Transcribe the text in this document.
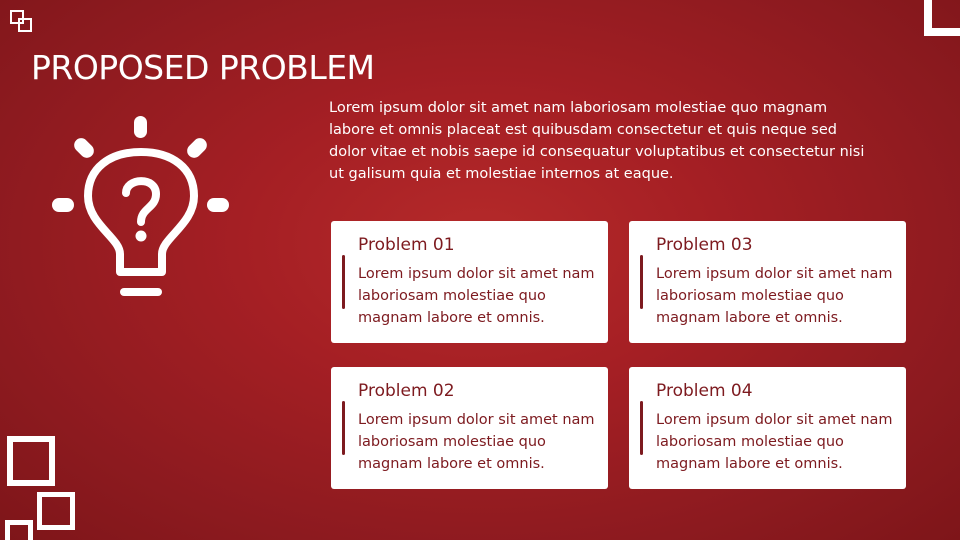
PROPOSED PROBLEM

Lorem ipsum dolor sit amet nam laboriosam molestiae quo magnam labore et omnis placeat est quibusdam consectetur et quis neque sed dolor vitae et nobis saepe id consequatur voluptatibus et consectetur nisi ut galisum quia et molestiae internos at eaque.

Problem 01
Lorem ipsum dolor sit amet nam laboriosam molestiae quo magnam labore et omnis.
Problem 03
Lorem ipsum dolor sit amet nam laboriosam molestiae quo magnam labore et omnis.
Problem 02
Lorem ipsum dolor sit amet nam laboriosam molestiae quo magnam labore et omnis.
Problem 04
Lorem ipsum dolor sit amet nam laboriosam molestiae quo magnam labore et omnis.
